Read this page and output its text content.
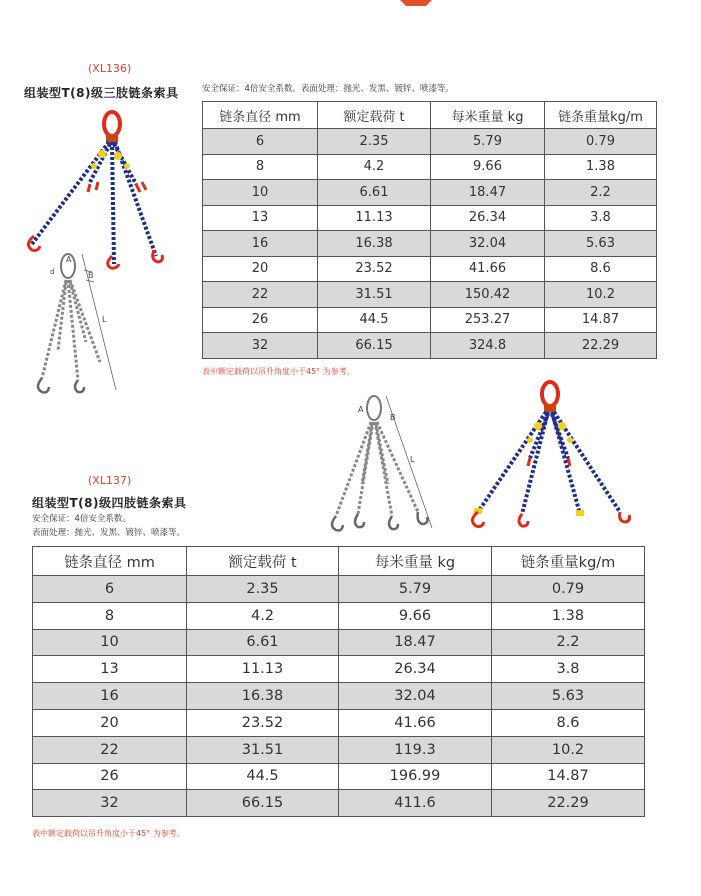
(XL136)
组装型T(8)级三肢链条索具	安全保证：4倍安全系数。表面处理：抛光、发黑、镀锌、喷漆等。
A
B
d
L
链条直径 mm	额定载荷 t	每米重量 kg	链条重量kg/m
6	2.35	5.79	0.79
8	4.2	9.66	1.38
10	6.61	18.47	2.2
13	11.13	26.34	3.8
16	16.38	32.04	5.63
20	23.52	41.66	8.6
22	31.51	150.42	10.2
26	44.5	253.27	14.87
32	66.15	324.8	22.29
表中额定载荷以吊升角度小于45° 为参考。
A
B
L
(XL137)
组装型T(8)级四肢链条索具
安全保证：4倍安全系数。
表面处理：抛光、发黑、镀锌、喷漆等。
链条直径 mm	额定载荷 t	每米重量 kg	链条重量kg/m
6	2.35	5.79	0.79
8	4.2	9.66	1.38
10	6.61	18.47	2.2
13	11.13	26.34	3.8
16	16.38	32.04	5.63
20	23.52	41.66	8.6
22	31.51	119.3	10.2
26	44.5	196.99	14.87
32	66.15	411.6	22.29
表中额定载荷以吊升角度小于45° 为参考。
